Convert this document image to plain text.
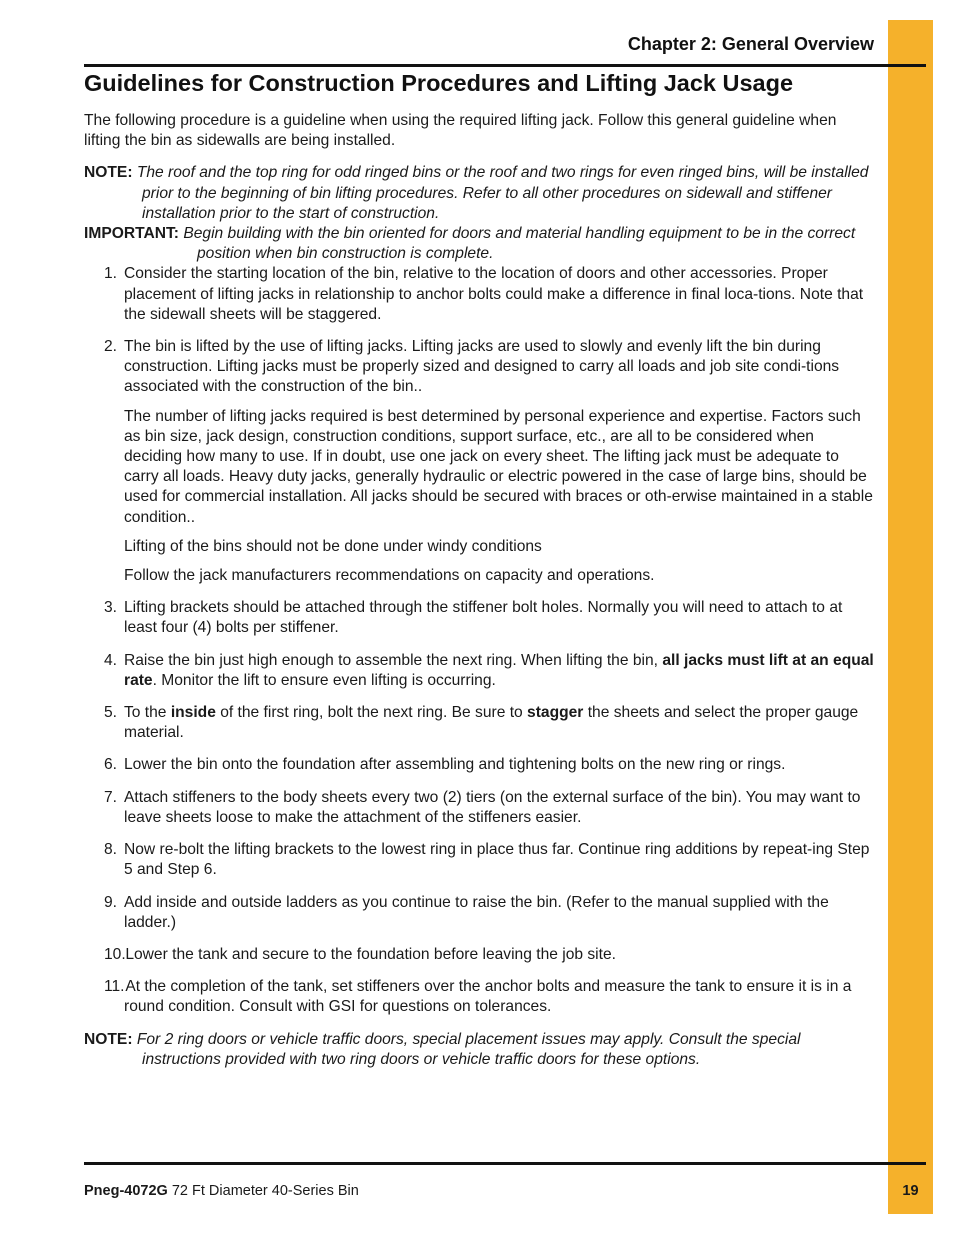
Chapter 2: General Overview
Guidelines for Construction Procedures and Lifting Jack Usage

The following procedure is a guideline when using the required lifting jack. Follow this general guideline when lifting the bin as sidewalls are being installed.

NOTE: The roof and the top ring for odd ringed bins or the roof and two rings for even ringed bins, will be installed prior to the beginning of bin lifting procedures. Refer to all other procedures on sidewall and stiffener installation prior to the start of construction.

IMPORTANT: Begin building with the bin oriented for doors and material handling equipment to be in the correct position when bin construction is complete.

1. Consider the starting location of the bin, relative to the location of doors and other accessories. Proper placement of lifting jacks in relationship to anchor bolts could make a difference in final loca-tions. Note that the sidewall sheets will be staggered.

2. The bin is lifted by the use of lifting jacks. Lifting jacks are used to slowly and evenly lift the bin during construction. Lifting jacks must be properly sized and designed to carry all loads and job site condi-tions associated with the construction of the bin..

The number of lifting jacks required is best determined by personal experience and expertise. Factors such as bin size, jack design, construction conditions, support surface, etc., are all to be considered when deciding how many to use. If in doubt, use one jack on every sheet. The lifting jack must be adequate to carry all loads. Heavy duty jacks, generally hydraulic or electric powered in the case of large bins, should be used for commercial installation. All jacks should be secured with braces or oth-erwise maintained in a stable condition..

Lifting of the bins should not be done under windy conditions

Follow the jack manufacturers recommendations on capacity and operations.

3. Lifting brackets should be attached through the stiffener bolt holes. Normally you will need to attach to at least four (4) bolts per stiffener.

4. Raise the bin just high enough to assemble the next ring. When lifting the bin, all jacks must lift at an equal rate. Monitor the lift to ensure even lifting is occurring.

5. To the inside of the first ring, bolt the next ring. Be sure to stagger the sheets and select the proper gauge material.

6. Lower the bin onto the foundation after assembling and tightening bolts on the new ring or rings.

7. Attach stiffeners to the body sheets every two (2) tiers (on the external surface of the bin). You may want to leave sheets loose to make the attachment of the stiffeners easier.

8. Now re-bolt the lifting brackets to the lowest ring in place thus far. Continue ring additions by repeat-ing Step 5 and Step 6.

9. Add inside and outside ladders as you continue to raise the bin. (Refer to the manual supplied with the ladder.)

10.

  Lower the tank and secure to the foundation before leaving the job site.

11.

  At the completion of the tank, set stiffeners over the anchor bolts and measure the tank to ensure it is in a round condition. Consult with GSI for questions on tolerances.

NOTE: For 2 ring doors or vehicle traffic doors, special placement issues may apply. Consult the special instructions provided with two ring doors or vehicle traffic doors for these options.

Pneg-4072G 72 Ft Diameter 40-Series Bin	19
